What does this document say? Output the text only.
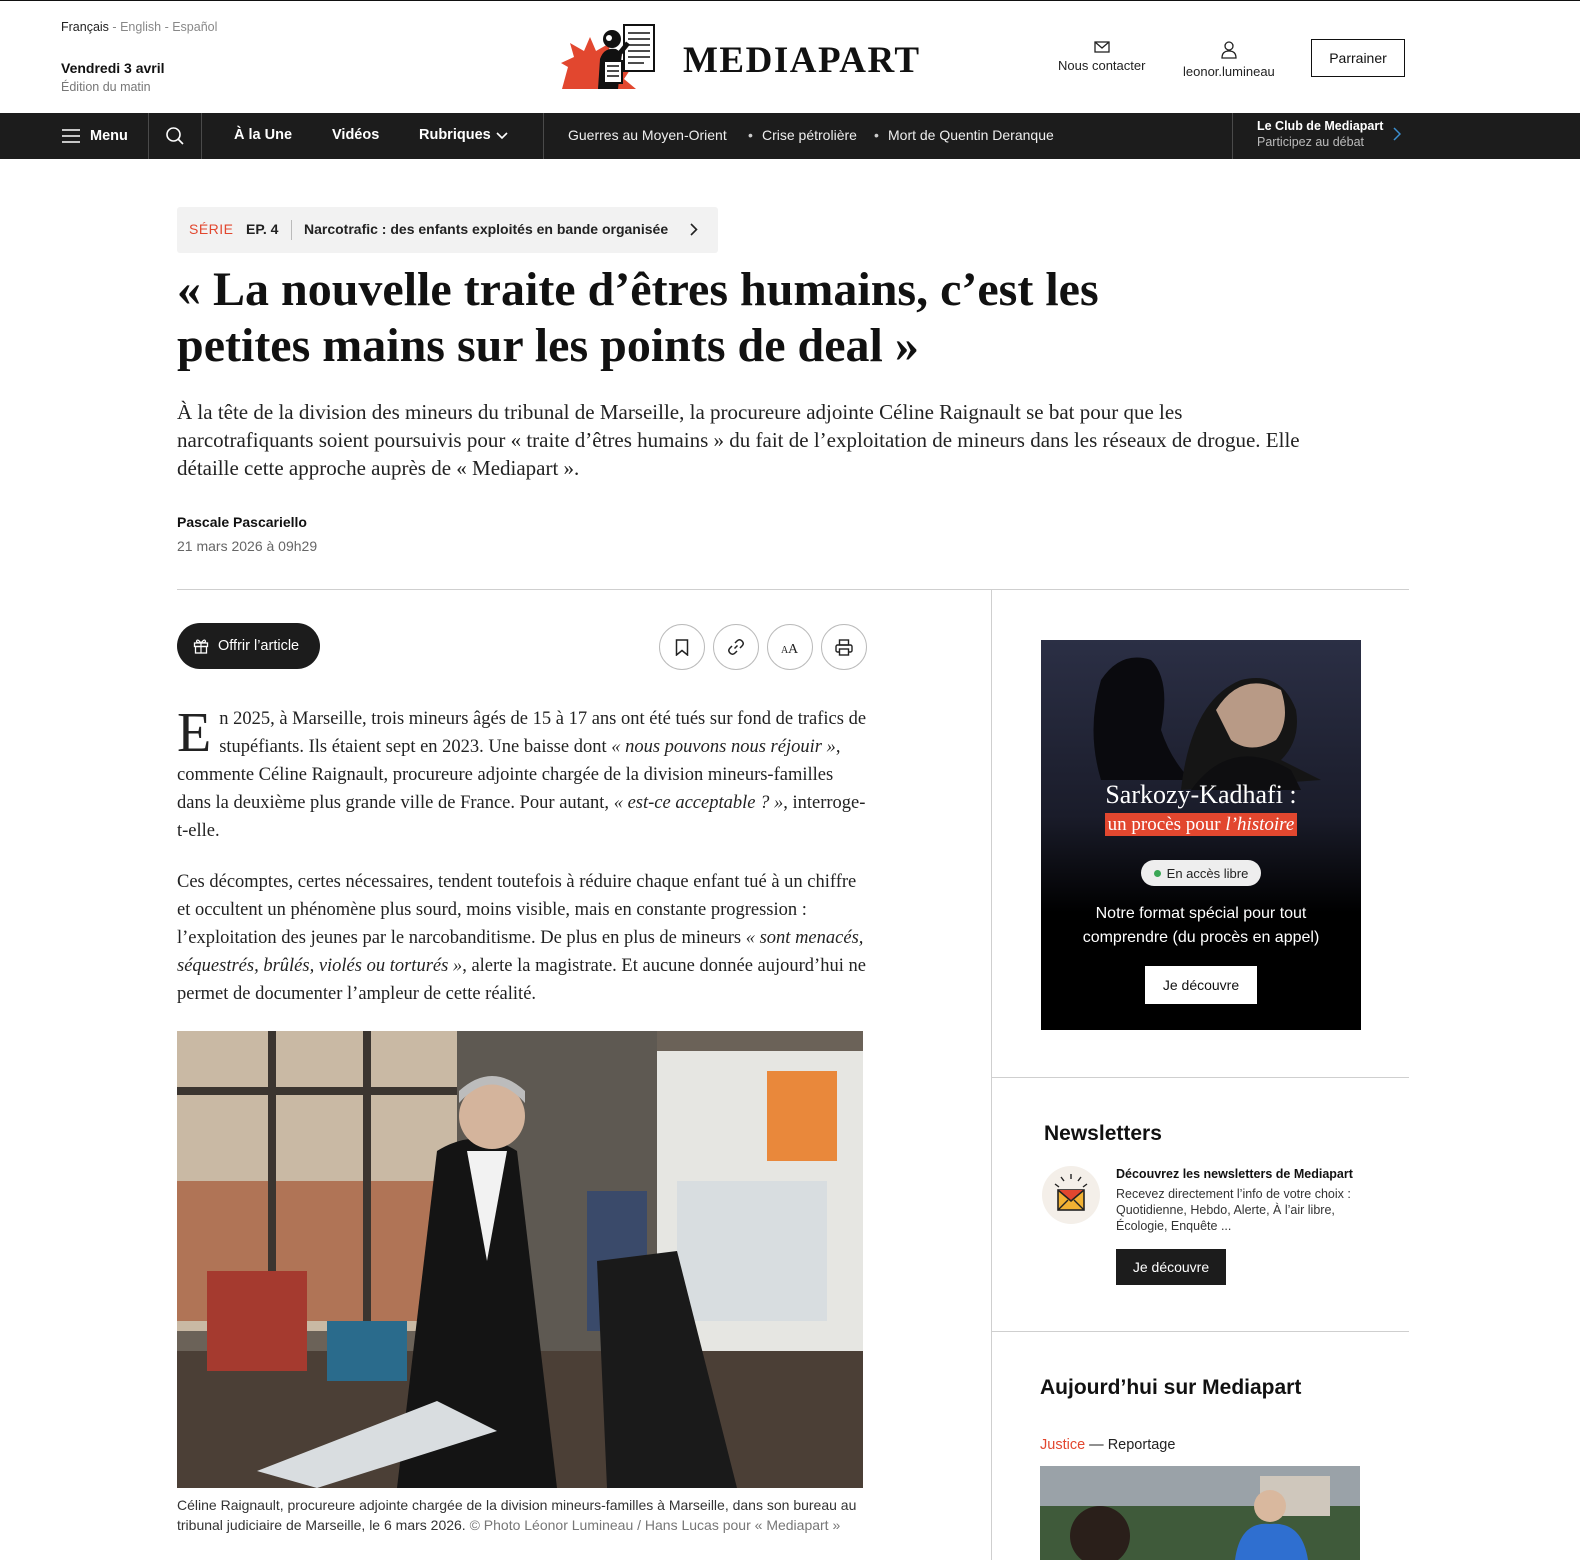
Français - English - Español
Vendredi 3 avril
Édition du matin
MEDIAPART	Nous contacter	leonor.lumineau
Parrainer
Menu	À la Une	Vidéos	Rubriques	Guerres au Moyen-Orient • Crise pétrolière • Mort de Quentin Deranque
Le Club de Mediapart
Participez au débat
SÉRIE EP. 4 Narcotrafic : des enfants exploités en bande organisée
« La nouvelle traite d’êtres humains, c’est les petites mains sur les points de deal »

À la tête de la division des mineurs du tribunal de Marseille, la procureure adjointe Céline Raignault se bat pour que les narcotrafiquants soient poursuivis pour « traite d’êtres humains » du fait de l’exploitation de mineurs dans les réseaux de drogue. Elle détaille cette approche auprès de « Mediapart ».

Pascale Pascariello
21 mars 2026 à 09h29
Offrir l’article	A A

En 2025, à Marseille, trois mineurs âgés de 15 à 17 ans ont été tués sur fond de trafics de stupéfiants. Ils étaient sept en 2023. Une baisse dont « nous pouvons nous réjouir », commente Céline Raignault, procureure adjointe chargée de la division mineurs-familles dans la deuxième plus grande ville de France. Pour autant, « est-ce acceptable ? », interroge-t-elle.

Ces décomptes, certes nécessaires, tendent toutefois à réduire chaque enfant tué à un chiffre et occultent un phénomène plus sourd, moins visible, mais en constante progression : l’exploitation des jeunes par le narcobanditisme. De plus en plus de mineurs « sont menacés, séquestrés, brûlés, violés ou torturés », alerte la magistrate. Et aucune donnée aujourd’hui ne permet de documenter l’ampleur de cette réalité.

Céline Raignault, procureure adjointe chargée de la division mineurs-familles à Marseille, dans son bureau au tribunal judiciaire de Marseille, le 6 mars 2026. © Photo Léonor Lumineau / Hans Lucas pour « Mediapart »

Sarkozy-Kadhafi :
un procès pour l’histoire
En accès libre
Notre format spécial pour tout comprendre (du procès en appel)
Je découvre
Newsletters
Découvrez les newsletters de Mediapart
Recevez directement l’info de votre choix : Quotidienne, Hebdo, Alerte, À l’air libre, Écologie, Enquête ...
Je découvre
Aujourd’hui sur Mediapart
Justice — Reportage
